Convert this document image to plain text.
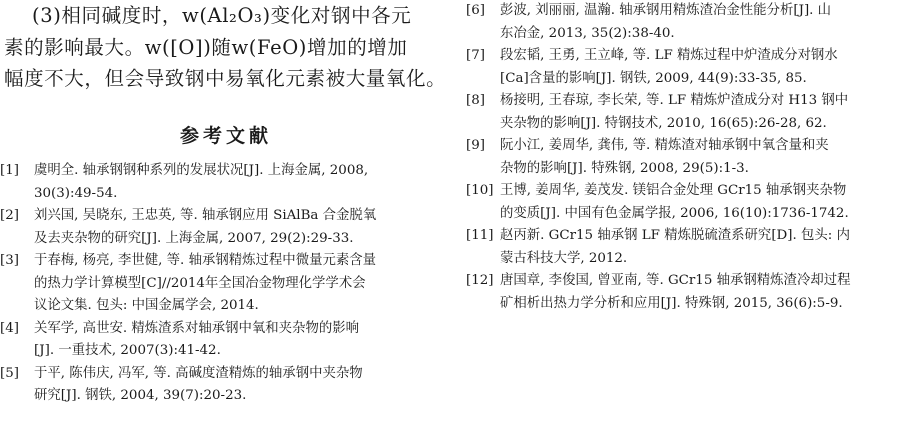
(3)相同碱度时，w(Al₂O₃)变化对钢中各元
素的影响最大。w([O])随w(FeO)增加的增加
幅度不大，但会导致钢中易氧化元素被大量氧化。
参考文献
[1]	虞明全. 轴承钢钢种系列的发展状况[J]. 上海金属, 2008,
30(3):49-54.
[2]	刘兴国, 吴晓东, 王忠英, 等. 轴承钢应用 SiAlBa 合金脱氧
及去夹杂物的研究[J]. 上海金属, 2007, 29(2):29-33.
[3]	于春梅, 杨亮, 李世健, 等. 轴承钢精炼过程中微量元素含量
的热力学计算模型[C]//2014年全国冶金物理化学学术会
议论文集. 包头: 中国金属学会, 2014.
[4]	关军学, 高世安. 精炼渣系对轴承钢中氧和夹杂物的影响
[J]. 一重技术, 2007(3):41-42.
[5]	于平, 陈伟庆, 冯军, 等. 高碱度渣精炼的轴承钢中夹杂物
研究[J]. 钢铁, 2004, 39(7):20-23.
[6]	彭波, 刘丽丽, 温瀚. 轴承钢用精炼渣冶金性能分析[J]. 山
东冶金, 2013, 35(2):38-40.
[7]	段宏韬, 王勇, 王立峰, 等. LF 精炼过程中炉渣成分对钢水
[Ca]含量的影响[J]. 钢铁, 2009, 44(9):33-35, 85.
[8]	杨接明, 王春琼, 李长荣, 等. LF 精炼炉渣成分对 H13 钢中
夹杂物的影响[J]. 特钢技术, 2010, 16(65):26-28, 62.
[9]	阮小江, 姜周华, 龚伟, 等. 精炼渣对轴承钢中氧含量和夹
杂物的影响[J]. 特殊钢, 2008, 29(5):1-3.
[10] 王博, 姜周华, 姜茂发. 镁铝合金处理 GCr15 轴承钢夹杂物
的变质[J]. 中国有色金属学报, 2006, 16(10):1736-1742.
[11] 赵丙新. GCr15 轴承钢 LF 精炼脱硫渣系研究[D]. 包头: 内
蒙古科技大学, 2012.
[12] 唐国章, 李俊国, 曾亚南, 等. GCr15 轴承钢精炼渣冷却过程
矿相析出热力学分析和应用[J]. 特殊钢, 2015, 36(6):5-9.
